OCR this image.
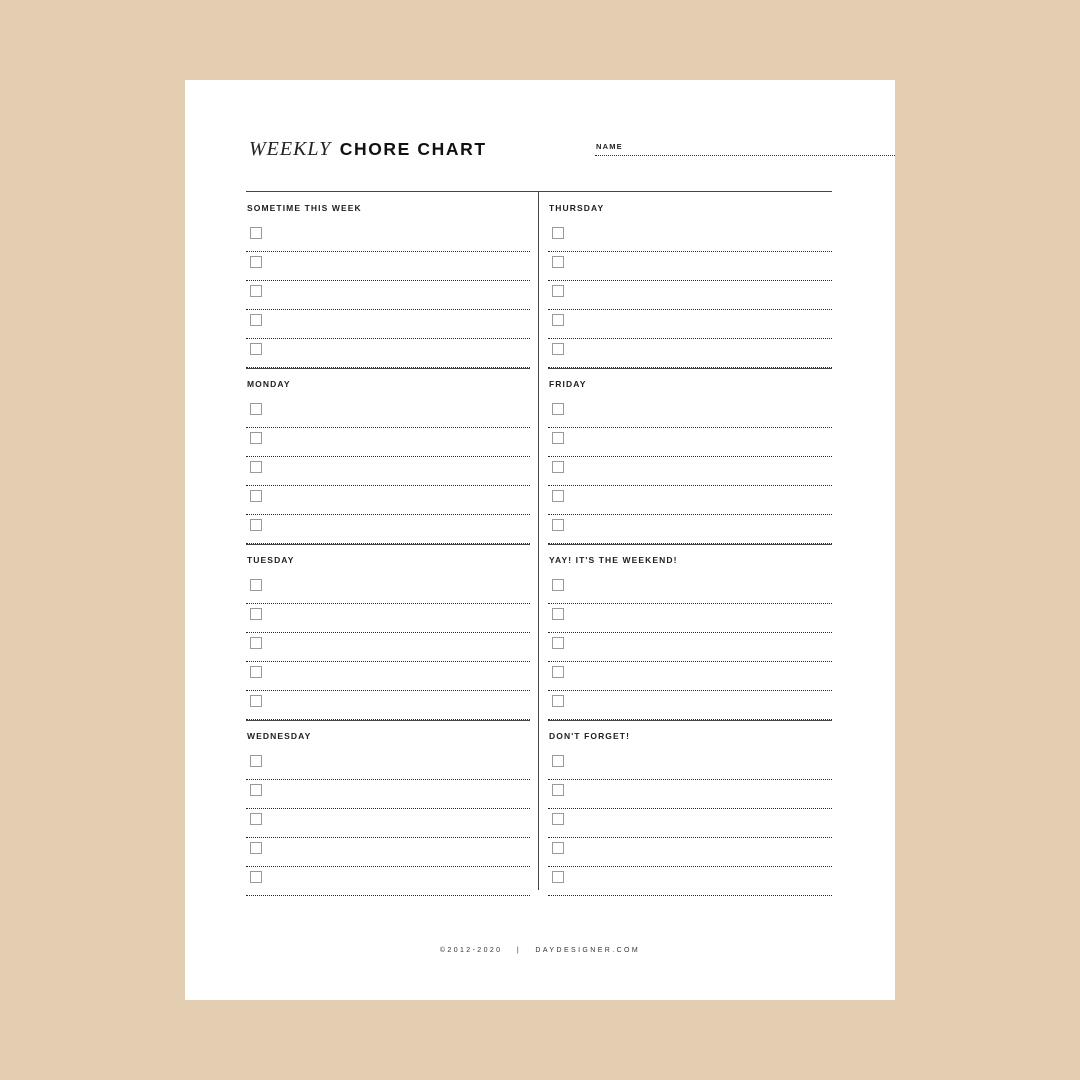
WEEKLY CHORE CHART	NAME
SOMETIME THIS WEEK	THURSDAY
MONDAY	FRIDAY
TUESDAY	YAY! IT'S THE WEEKEND!
WEDNESDAY	DON'T FORGET!
©2012-2020 | DAYDESIGNER.COM
